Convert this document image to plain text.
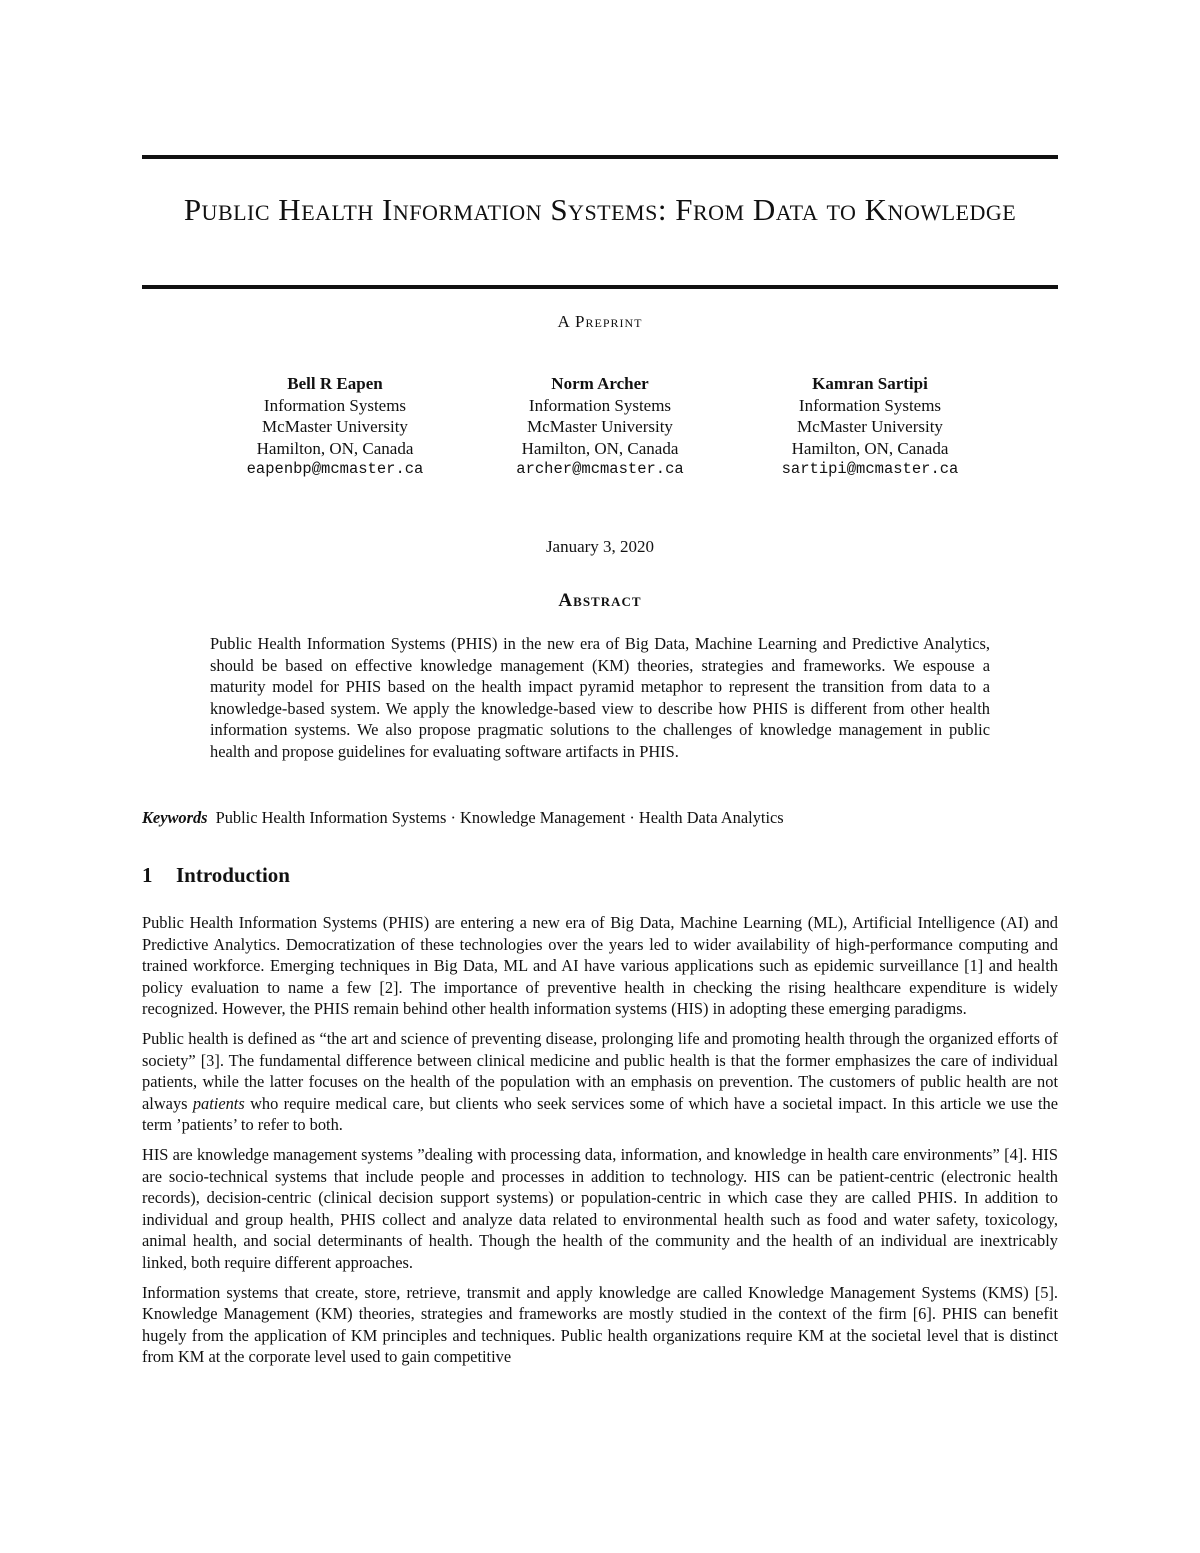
Public Health Information Systems: From Data to Knowledge
A Preprint
Bell R Eapen
Information Systems
McMaster University
Hamilton, ON, Canada
eapenbp@mcmaster.ca
Norm Archer
Information Systems
McMaster University
Hamilton, ON, Canada
archer@mcmaster.ca
Kamran Sartipi
Information Systems
McMaster University
Hamilton, ON, Canada
sartipi@mcmaster.ca
January 3, 2020
Abstract
Public Health Information Systems (PHIS) in the new era of Big Data, Machine Learning and Predictive Analytics, should be based on effective knowledge management (KM) theories, strategies and frameworks. We espouse a maturity model for PHIS based on the health impact pyramid metaphor to represent the transition from data to a knowledge-based system. We apply the knowledge-based view to describe how PHIS is different from other health information systems. We also propose pragmatic solutions to the challenges of knowledge management in public health and propose guidelines for evaluating software artifacts in PHIS.
Keywords Public Health Information Systems · Knowledge Management · Health Data Analytics
1 Introduction

Public Health Information Systems (PHIS) are entering a new era of Big Data, Machine Learning (ML), Artificial Intelligence (AI) and Predictive Analytics. Democratization of these technologies over the years led to wider availability of high-performance computing and trained workforce. Emerging techniques in Big Data, ML and AI have various applications such as epidemic surveillance [1] and health policy evaluation to name a few [2]. The importance of preventive health in checking the rising healthcare expenditure is widely recognized. However, the PHIS remain behind other health information systems (HIS) in adopting these emerging paradigms.

Public health is defined as “the art and science of preventing disease, prolonging life and promoting health through the organized efforts of society” [3]. The fundamental difference between clinical medicine and public health is that the former emphasizes the care of individual patients, while the latter focuses on the health of the population with an emphasis on prevention. The customers of public health are not always patients who require medical care, but clients who seek services some of which have a societal impact. In this article we use the term ’patients’ to refer to both.

HIS are knowledge management systems ”dealing with processing data, information, and knowledge in health care environments” [4]. HIS are socio-technical systems that include people and processes in addition to technology. HIS can be patient-centric (electronic health records), decision-centric (clinical decision support systems) or population-centric in which case they are called PHIS. In addition to individual and group health, PHIS collect and analyze data related to environmental health such as food and water safety, toxicology, animal health, and social determinants of health. Though the health of the community and the health of an individual are inextricably linked, both require different approaches.

Information systems that create, store, retrieve, transmit and apply knowledge are called Knowledge Management Systems (KMS) [5]. Knowledge Management (KM) theories, strategies and frameworks are mostly studied in the context of the firm [6]. PHIS can benefit hugely from the application of KM principles and techniques. Public health organizations require KM at the societal level that is distinct from KM at the corporate level used to gain competitive
